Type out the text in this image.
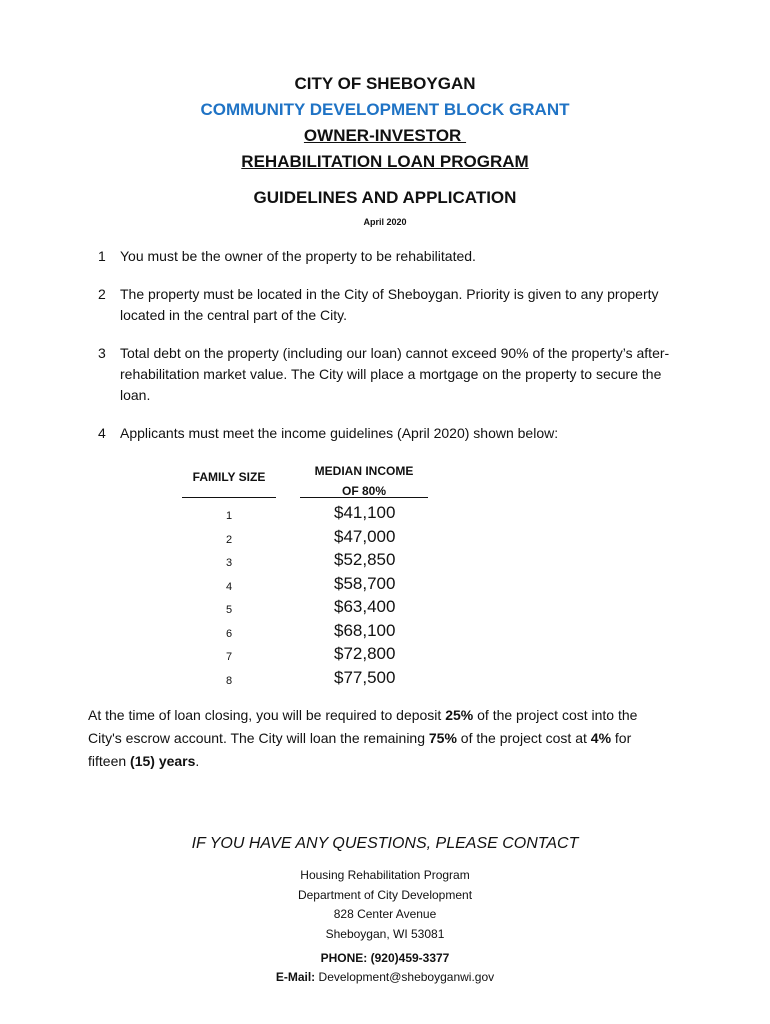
CITY OF SHEBOYGAN
COMMUNITY DEVELOPMENT BLOCK GRANT
OWNER-INVESTOR
REHABILITATION LOAN PROGRAM
GUIDELINES AND APPLICATION
April 2020
1 You must be the owner of the property to be rehabilitated.
2 The property must be located in the City of Sheboygan. Priority is given to any property located in the central part of the City.
3 Total debt on the property (including our loan) cannot exceed 90% of the property’s after-rehabilitation market value. The City will place a mortgage on the property to secure the loan.
4 Applicants must meet the income guidelines (April 2020) shown below:
FAMILY SIZE	MEDIAN INCOME
OF 80%
1	$41,100
2	$47,000
3	$52,850
4	$58,700
5	$63,400
6	$68,100
7	$72,800
8	$77,500

At the time of loan closing, you will be required to deposit 25% of the project cost into the City's escrow account. The City will loan the remaining 75% of the project cost at 4% for fifteen (15) years.

IF YOU HAVE ANY QUESTIONS, PLEASE CONTACT
Housing Rehabilitation Program
Department of City Development
828 Center Avenue
Sheboygan, WI 53081
PHONE: (920)459-3377
E-Mail: Development@sheboyganwi.gov
